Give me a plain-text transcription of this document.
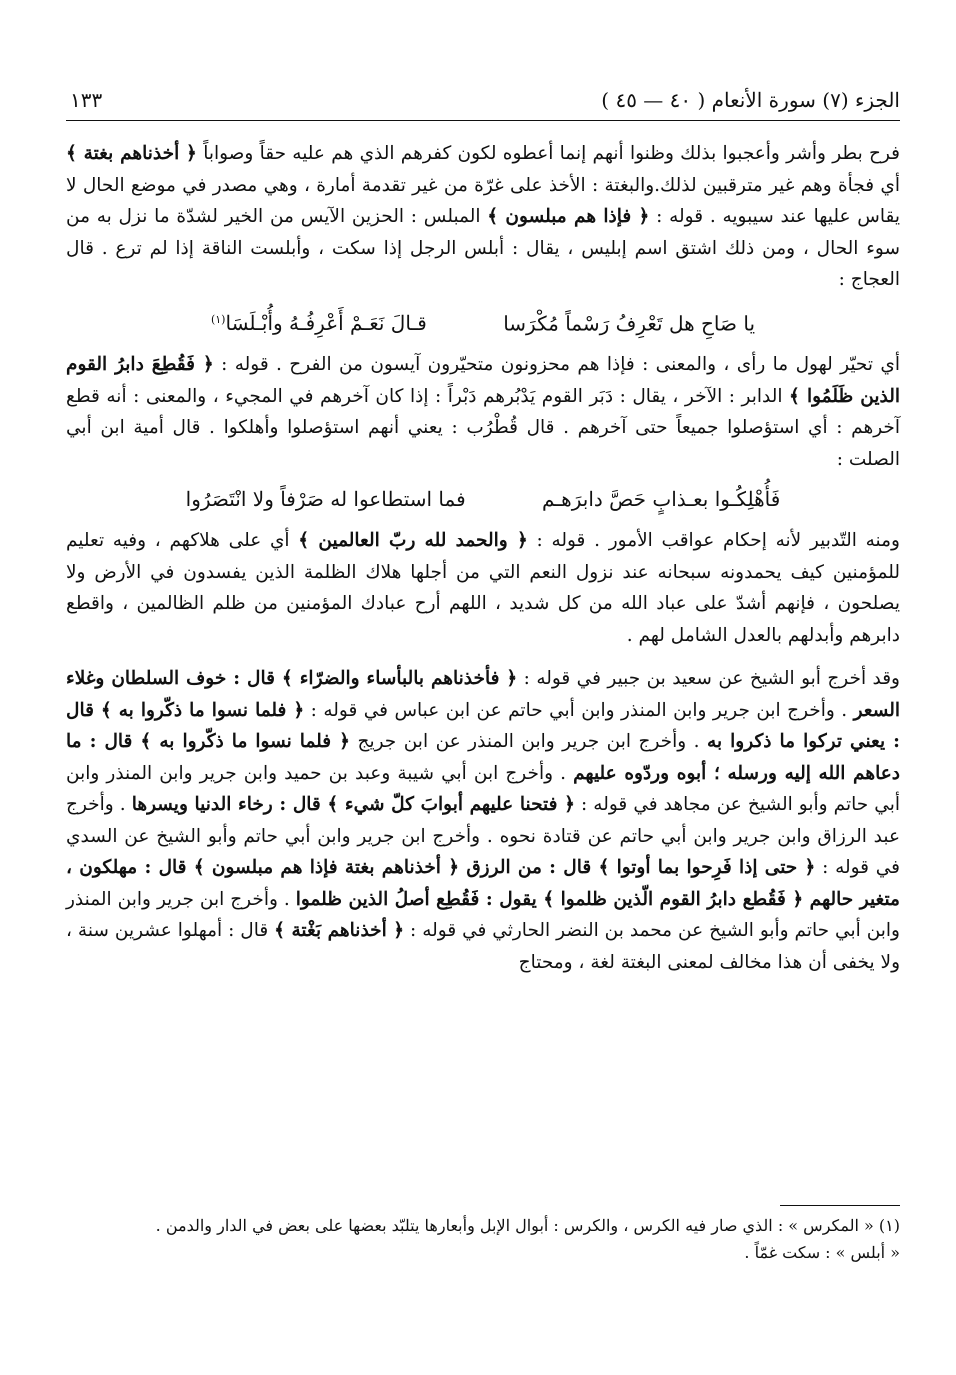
الجزء (٧) سورة الأنعام ( ٤٠ — ٤٥ )
١٣٣

فرح بطر وأشر وأعجبوا بذلك وظنوا أنهم إنما أعطوه لكون كفرهم الذي هم عليه حقاً وصواباً ﴿ أخذناهم بغتة ﴾ أي فجأة وهم غير مترقبين لذلك.والبغتة : الأخذ على غرّة من غير تقدمة أمارة ، وهي مصدر في موضع الحال لا يقاس عليها عند سيبويه . قوله : ﴿ فإذا هم مبلسون ﴾ المبلس : الحزين الآيس من الخير لشدّة ما نزل به من سوء الحال ، ومن ذلك اشتق اسم إبليس ، يقال : أبلس الرجل إذا سكت ، وأبلست الناقة إذا لم ترع . قال العجاج :

يا صَاحِ هل تَعْرِفُ رَسْماً مُكْرَسا قـالَ نَعَـمْ أَعْرِفُـهُ وأُبْـلَسَا$^{(١)}$

أي تحيّر لهول ما رأى ، والمعنى : فإذا هم محزونون متحيّرون آيسون من الفرح . قوله : ﴿ فَقُطِعَ دابرُ القوم الذين ظَلَمُوا ﴾ الدابر : الآخر ، يقال : دَبَر القوم يَدْبُرهم دَبْراً : إذا كان آخرهم في المجيء ، والمعنى : أنه قطع آخرهم : أي استؤصلوا جميعاً حتى آخرهم . قال قُطْرُب : يعني أنهم استؤصلوا وأهلكوا . قال أمية ابن أبي الصلت :

فَأُهْلِكُـوا بعـذابٍ حَصَّ دابرَهـم فما استطاعوا له صَرْفاً ولا انْتَصَرُوا

ومنه التّدبير لأنه إحكام عواقب الأمور . قوله : ﴿ والحمد لله ربّ العالمين ﴾ أي على هلاكهم ، وفيه تعليم للمؤمنين كيف يحمدونه سبحانه عند نزول النعم التي من أجلها هلاك الظلمة الذين يفسدون في الأرض ولا يصلحون ، فإنهم أشدّ على عباد الله من كل شديد ، اللهم أرح عبادك المؤمنين من ظلم الظالمين ، واقطع دابرهم وأبدلهم بالعدل الشامل لهم .

وقد أخرج أبو الشيخ عن سعيد بن جبير في قوله : ﴿ فأخذناهم بالبأساء والضرّاء ﴾ قال : خوف السلطان وغلاء السعر . وأخرج ابن جرير وابن المنذر وابن أبي حاتم عن ابن عباس في قوله : ﴿ فلما نسوا ما ذكّروا به ﴾ قال : يعني تركوا ما ذكروا به . وأخرج ابن جرير وابن المنذر عن ابن جريج ﴿ فلما نسوا ما ذكّروا به ﴾ قال : ما دعاهم الله إليه ورسله ؛ أبوه وردّوه عليهم . وأخرج ابن أبي شيبة وعبد بن حميد وابن جرير وابن المنذر وابن أبي حاتم وأبو الشيخ عن مجاهد في قوله : ﴿ فتحنا عليهم أبوابَ كلّ شيء ﴾ قال : رخاء الدنيا ويسرها . وأخرج عبد الرزاق وابن جرير وابن أبي حاتم عن قتادة نحوه . وأخرج ابن جرير وابن أبي حاتم وأبو الشيخ عن السدي في قوله : ﴿ حتى إذا فَرِحوا بما أوتوا ﴾ قال : من الرزق ﴿ أخذناهم بغتة فإذا هم مبلسون ﴾ قال : مهلكون ، متغير حالهم ﴿ فَقُطع دابرُ القوم الّذين ظلموا ﴾ يقول : فَقُطِع أصلُ الذين ظلموا . وأخرج ابن جرير وابن المنذر وابن أبي حاتم وأبو الشيخ عن محمد بن النضر الحارثي في قوله : ﴿ أخذناهم بَغْتة ﴾ قال : أمهلوا عشرين سنة ، ولا يخفى أن هذا مخالف لمعنى البغتة لغة ، ومحتاج

(١) « المكرس » : الذي صار فيه الكرس ، والكرس : أبوال الإبل وأبعارها يتلبّد بعضها على بعض في الدار والدمن .

« أبلس » : سكت غمّاً .
